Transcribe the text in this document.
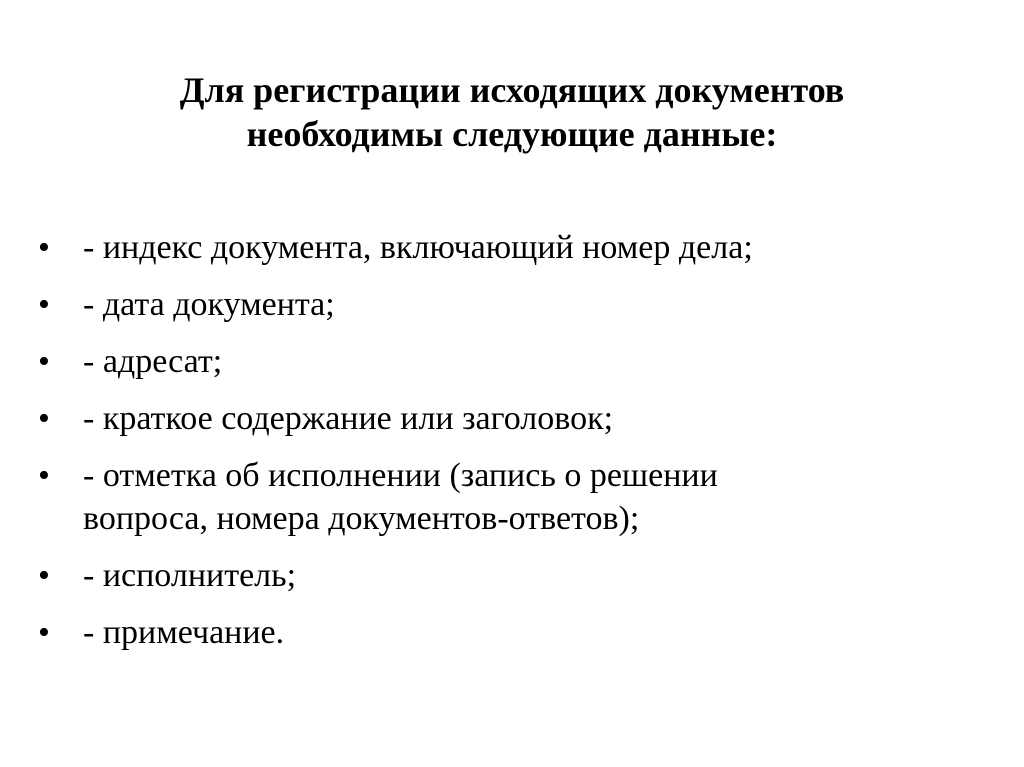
Для регистрации исходящих документов
необходимы следующие данные:
• - индекс документа, включающий номер дела;
• - дата документа;
• - адресат;
• - краткое содержание или заголовок;
• - отметка об исполнении (запись о решении
вопроса, номера документов-ответов);
• - исполнитель;
• - примечание.
